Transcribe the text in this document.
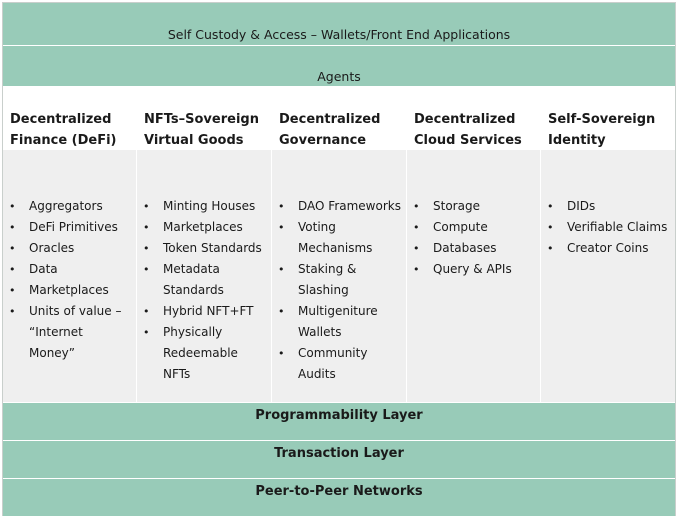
Self Custody & Access – Wallets/Front End Applications
Agents
Decentralized
Finance (DeFi)
• Aggregators
• DeFi Primitives
• Oracles
• Data
• Marketplaces
• Units of value – “Internet Money”
NFTs–Sovereign
Virtual Goods
• Minting Houses
• Marketplaces
• Token Standards
• Metadata Standards
• Hybrid NFT+FT
• Physically Redeemable NFTs
Decentralized
Governance
• DAO Frameworks
• Voting Mechanisms
• Staking & Slashing
• Multigeniture Wallets
• Community Audits
Decentralized
Cloud Services
• Storage
• Compute
• Databases
• Query & APIs
Self-Sovereign
Identity
• DIDs
• Verifiable Claims
• Creator Coins
Programmability Layer
Transaction Layer
Peer-to-Peer Networks
